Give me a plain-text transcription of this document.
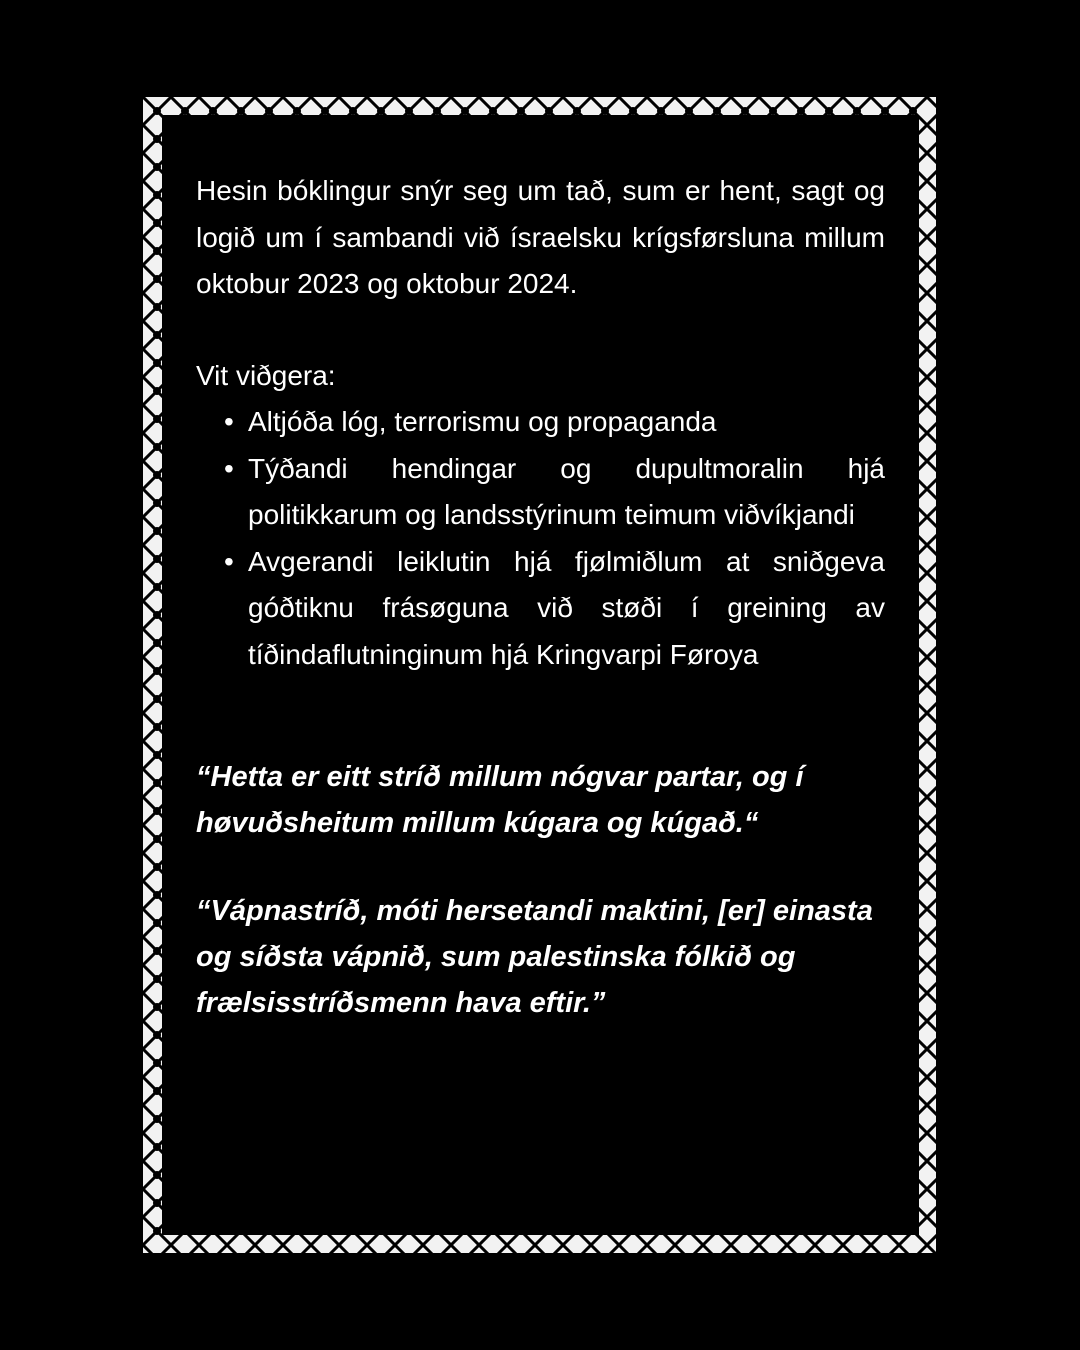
Hesin bóklingur snýr seg um tað, sum er hent, sagt og logið um í sambandi við ísraelsku krígsførsluna millum oktobur 2023 og oktobur 2024.

Vit viðgera:

• Altjóða lóg, terrorismu og propaganda
• Týðandi hendingar og dupultmoralin hjá politikkarum og landsstýrinum teimum viðvíkjandi
• Avgerandi leiklutin hjá fjølmiðlum at sniðgeva góðtiknu frásøguna við støði í greining av tíðindaflutninginum hjá Kringvarpi Føroya

“Hetta er eitt stríð millum nógvar partar, og í høvuðsheitum millum kúgara og kúgað.“

“Vápnastríð, móti hersetandi maktini, [er] einasta og síðsta vápnið, sum palestinska fólkið og frælsisstríðsmenn hava eftir.”
